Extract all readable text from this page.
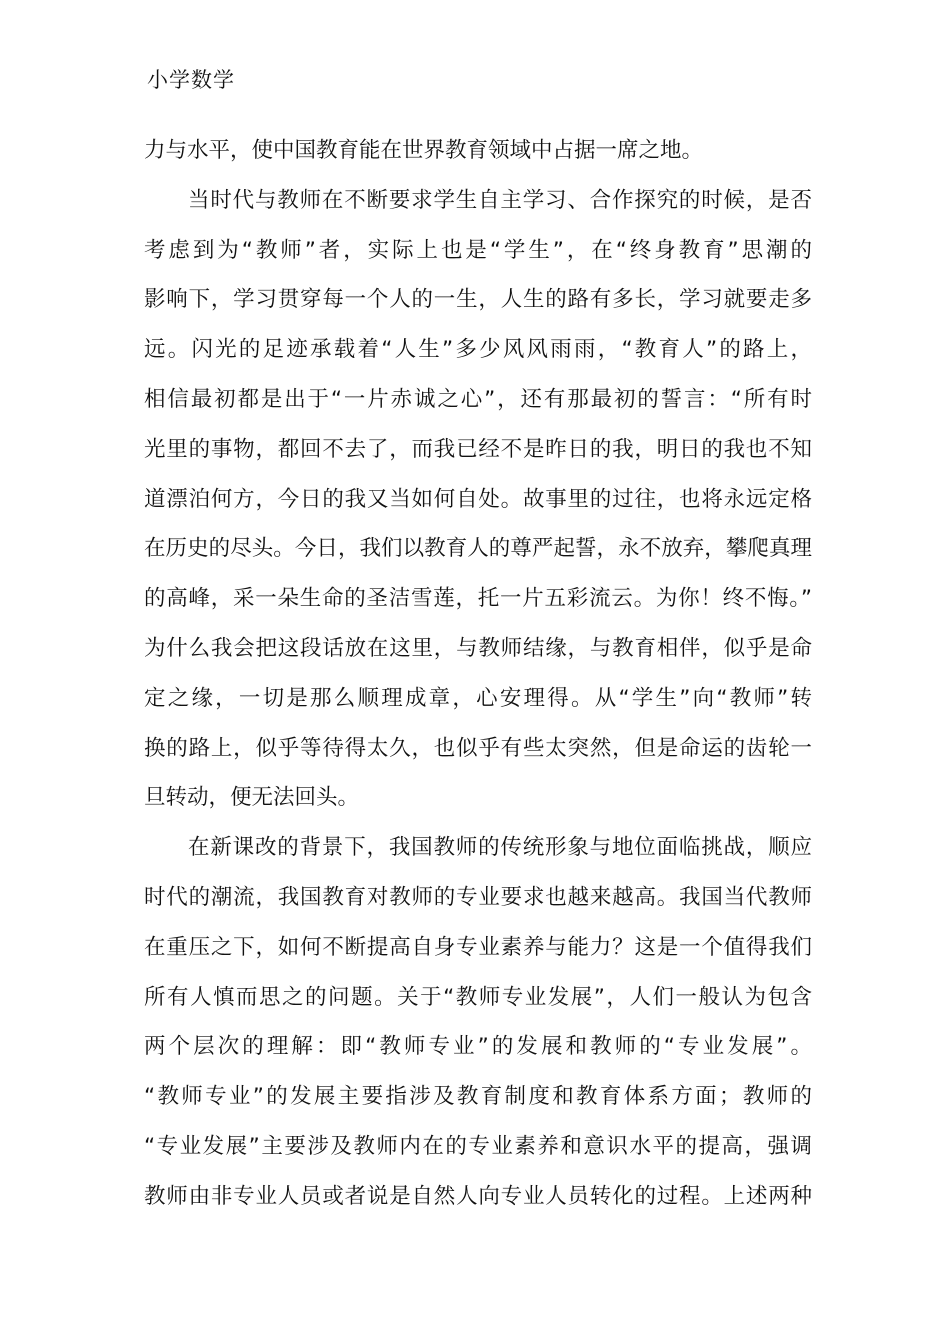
小学数学
力与水平，使中国教育能在世界教育领域中占据一席之地。
当时代与教师在不断要求学生自主学习、合作探究的时候，是否
考虑到为“教师”者，实际上也是“学生”，在“终身教育”思潮的
影响下，学习贯穿每一个人的一生，人生的路有多长，学习就要走多
远。闪光的足迹承载着“人生”多少风风雨雨，“教育人”的路上，
相信最初都是出于“一片赤诚之心”，还有那最初的誓言：“所有时
光里的事物，都回不去了，而我已经不是昨日的我，明日的我也不知
道漂泊何方，今日的我又当如何自处。故事里的过往，也将永远定格
在历史的尽头。今日，我们以教育人的尊严起誓，永不放弃，攀爬真理
的高峰，采一朵生命的圣洁雪莲，托一片五彩流云。为你！终不悔。”
为什么我会把这段话放在这里，与教师结缘，与教育相伴，似乎是命
定之缘，一切是那么顺理成章，心安理得。从“学生”向“教师”转
换的路上，似乎等待得太久，也似乎有些太突然，但是命运的齿轮一
旦转动，便无法回头。
在新课改的背景下，我国教师的传统形象与地位面临挑战，顺应
时代的潮流，我国教育对教师的专业要求也越来越高。我国当代教师
在重压之下，如何不断提高自身专业素养与能力？这是一个值得我们
所有人慎而思之的问题。关于“教师专业发展”，人们一般认为包含
两个层次的理解：即“教师专业”的发展和教师的“专业发展”。
“教师专业”的发展主要指涉及教育制度和教育体系方面；教师的
“专业发展”主要涉及教师内在的专业素养和意识水平的提高，强调
教师由非专业人员或者说是自然人向专业人员转化的过程。上述两种
